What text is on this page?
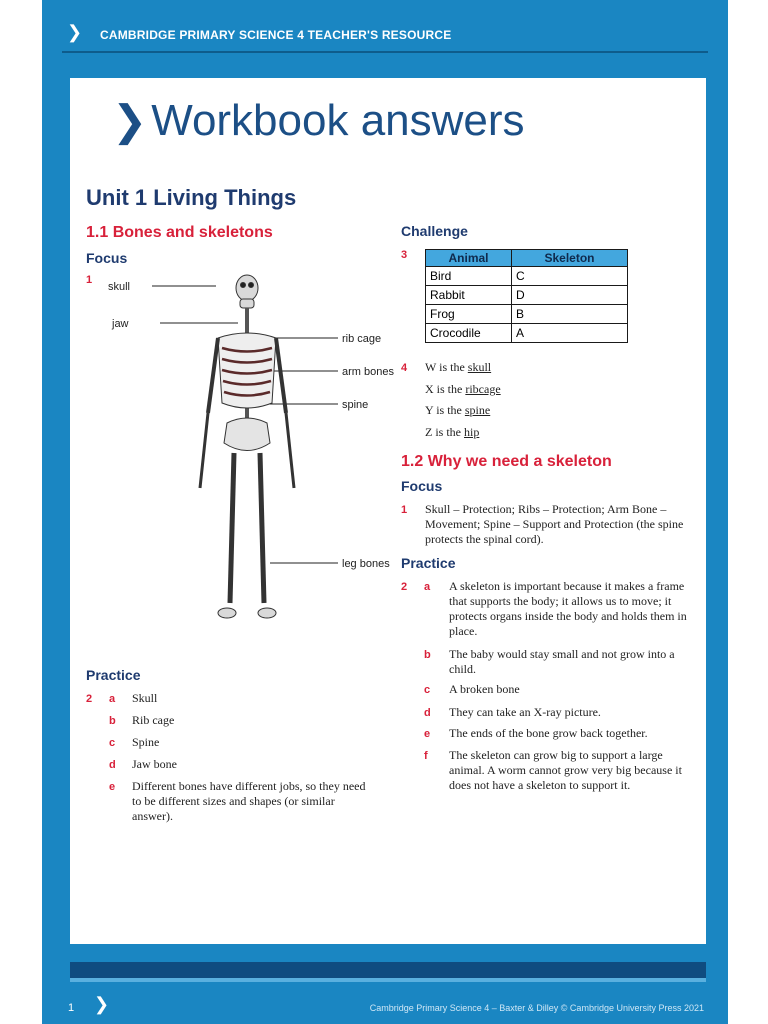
❯ CAMBRIDGE PRIMARY SCIENCE 4 TEACHER'S RESOURCE
❯Workbook answers
Unit 1 Living Things
1.1 Bones and skeletons
Focus
1
skull
jaw
rib cage
arm bones
spine
leg bones
Practice
2 a Skull
b Rib cage
c Spine
d Jaw bone
e Different bones have different jobs, so they need to be different sizes and shapes (or similar answer).
Challenge
3	Animal	Skeleton
Bird	C
Rabbit	D
Frog	B
Crocodile	A
4 W is the skull
X is the ribcage
Y is the spine
Z is the hip
1.2 Why we need a skeleton
Focus
1 Skull – Protection; Ribs – Protection; Arm Bone – Movement; Spine – Support and Protection (the spine protects the spinal cord).
Practice
2 a A skeleton is important because it makes a frame that supports the body; it allows us to move; it protects organs inside the body and holds them in place.
b The baby would stay small and not grow into a child.
c A broken bone
d They can take an X-ray picture.
e The ends of the bone grow back together.
f The skeleton can grow big to support a large animal. A worm cannot grow very big because it does not have a skeleton to support it.
1 ❯	Cambridge Primary Science 4 – Baxter & Dilley © Cambridge University Press 2021
